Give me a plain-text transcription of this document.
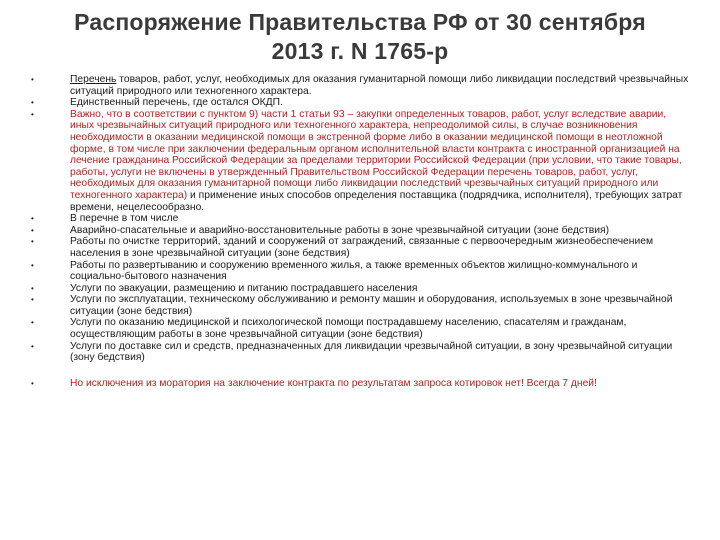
Распоряжение Правительства РФ от 30 сентября
2013 г. N 1765-р
•	Перечень товаров, работ, услуг, необходимых для оказания гуманитарной помощи либо ликвидации последствий чрезвычайных ситуаций природного или техногенного характера.
•	Единственный перечень, где остался ОКДП.
•	Важно, что в соответствии с пунктом 9) части 1 статьи 93 – закупки определенных товаров, работ, услуг вследствие аварии, иных чрезвычайных ситуаций природного или техногенного характера, непреодолимой силы, в случае возникновения необходимости в оказании медицинской помощи в экстренной форме либо в оказании медицинской помощи в неотложной форме, в том числе при заключении федеральным органом исполнительной власти контракта с иностранной организацией на лечение гражданина Российской Федерации за пределами территории Российской Федерации (при условии, что такие товары, работы, услуги не включены в утвержденный Правительством Российской Федерации перечень товаров, работ, услуг, необходимых для оказания гуманитарной помощи либо ликвидации последствий чрезвычайных ситуаций природного или техногенного характера) и применение иных способов определения поставщика (подрядчика, исполнителя), требующих затрат времени, нецелесообразно.
•	В перечне в том числе
•	Аварийно-спасательные и аварийно-восстановительные работы в зоне чрезвычайной ситуации (зоне бедствия)
•	Работы по очистке территорий, зданий и сооружений от заграждений, связанные с первоочередным жизнеобеспечением населения в зоне чрезвычайной ситуации (зоне бедствия)
•	Работы по развертыванию и сооружению временного жилья, а также временных объектов жилищно-коммунального и социально-бытового назначения
•	Услуги по эвакуации, размещению и питанию пострадавшего населения
•	Услуги по эксплуатации, техническому обслуживанию и ремонту машин и оборудования, используемых в зоне чрезвычайной ситуации (зоне бедствия)
•	Услуги по оказанию медицинской и психологической помощи пострадавшему населению, спасателям и гражданам, осуществляющим работы в зоне чрезвычайной ситуации (зоне бедствия)
•	Услуги по доставке сил и средств, предназначенных для ликвидации чрезвычайной ситуации, в зону чрезвычайной ситуации (зону бедствия)
•	Но исключения из моратория на заключение контракта по результатам запроса котировок нет! Всегда 7 дней!
